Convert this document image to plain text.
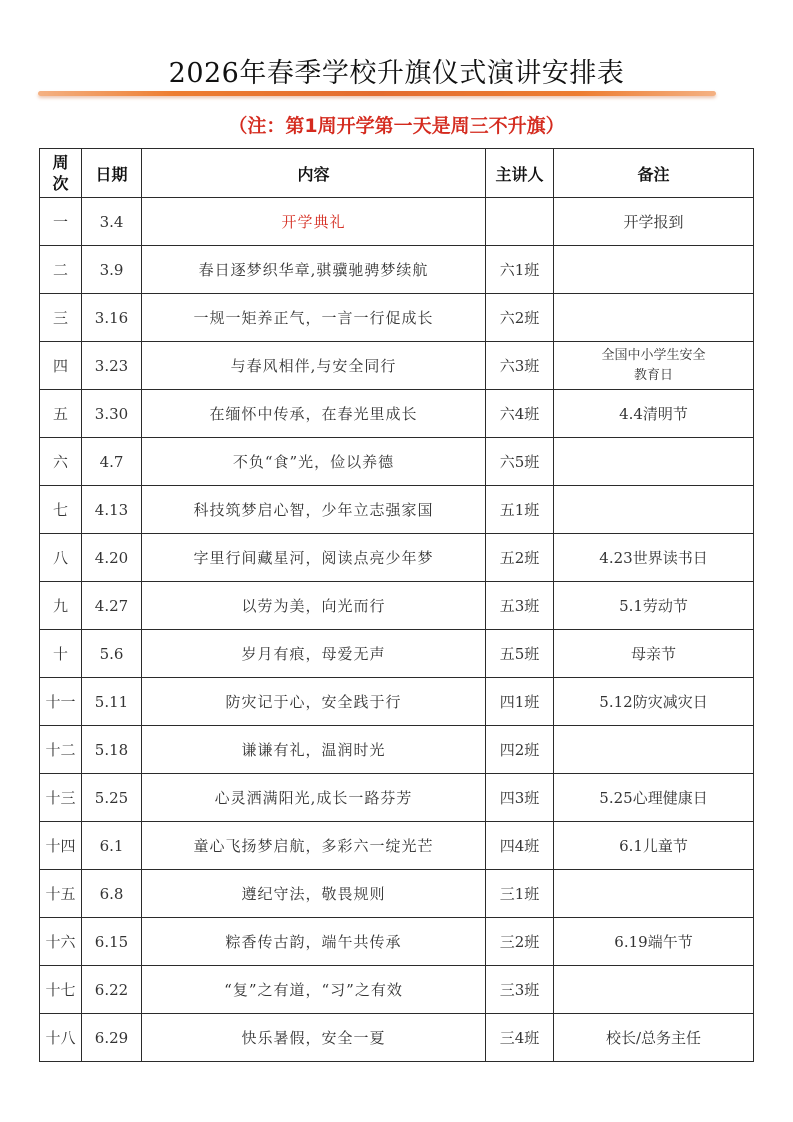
2026年春季学校升旗仪式演讲安排表
（注：第1周开学第一天是周三不升旗）
周
次	日期	内容	主讲人	备注
一	3.4	开学典礼		开学报到
二	3.9	春日逐梦织华章,骐骥驰骋梦续航	六1班	
三	3.16	一规一矩养正气，一言一行促成长	六2班	
四	3.23	与春风相伴,与安全同行	六3班	全国中小学生安全
教育日
五	3.30	在缅怀中传承，在春光里成长	六4班	4.4清明节
六	4.7	不负“食”光，俭以养德	六5班	
七	4.13	科技筑梦启心智，少年立志强家国	五1班	
八	4.20	字里行间藏星河，阅读点亮少年梦	五2班	4.23世界读书日
九	4.27	以劳为美，向光而行	五3班	5.1劳动节
十	5.6	岁月有痕，母爱无声	五5班	母亲节
十一	5.11	防灾记于心，安全践于行	四1班	5.12防灾减灾日
十二	5.18	谦谦有礼，温润时光	四2班	
十三	5.25	心灵洒满阳光,成长一路芬芳	四3班	5.25心理健康日
十四	6.1	童心飞扬梦启航，多彩六一绽光芒	四4班	6.1儿童节
十五	6.8	遵纪守法，敬畏规则	三1班	
十六	6.15	粽香传古韵，端午共传承	三2班	6.19端午节
十七	6.22	“复”之有道，“习”之有效	三3班	
十八	6.29	快乐暑假，安全一夏	三4班	校长/总务主任
